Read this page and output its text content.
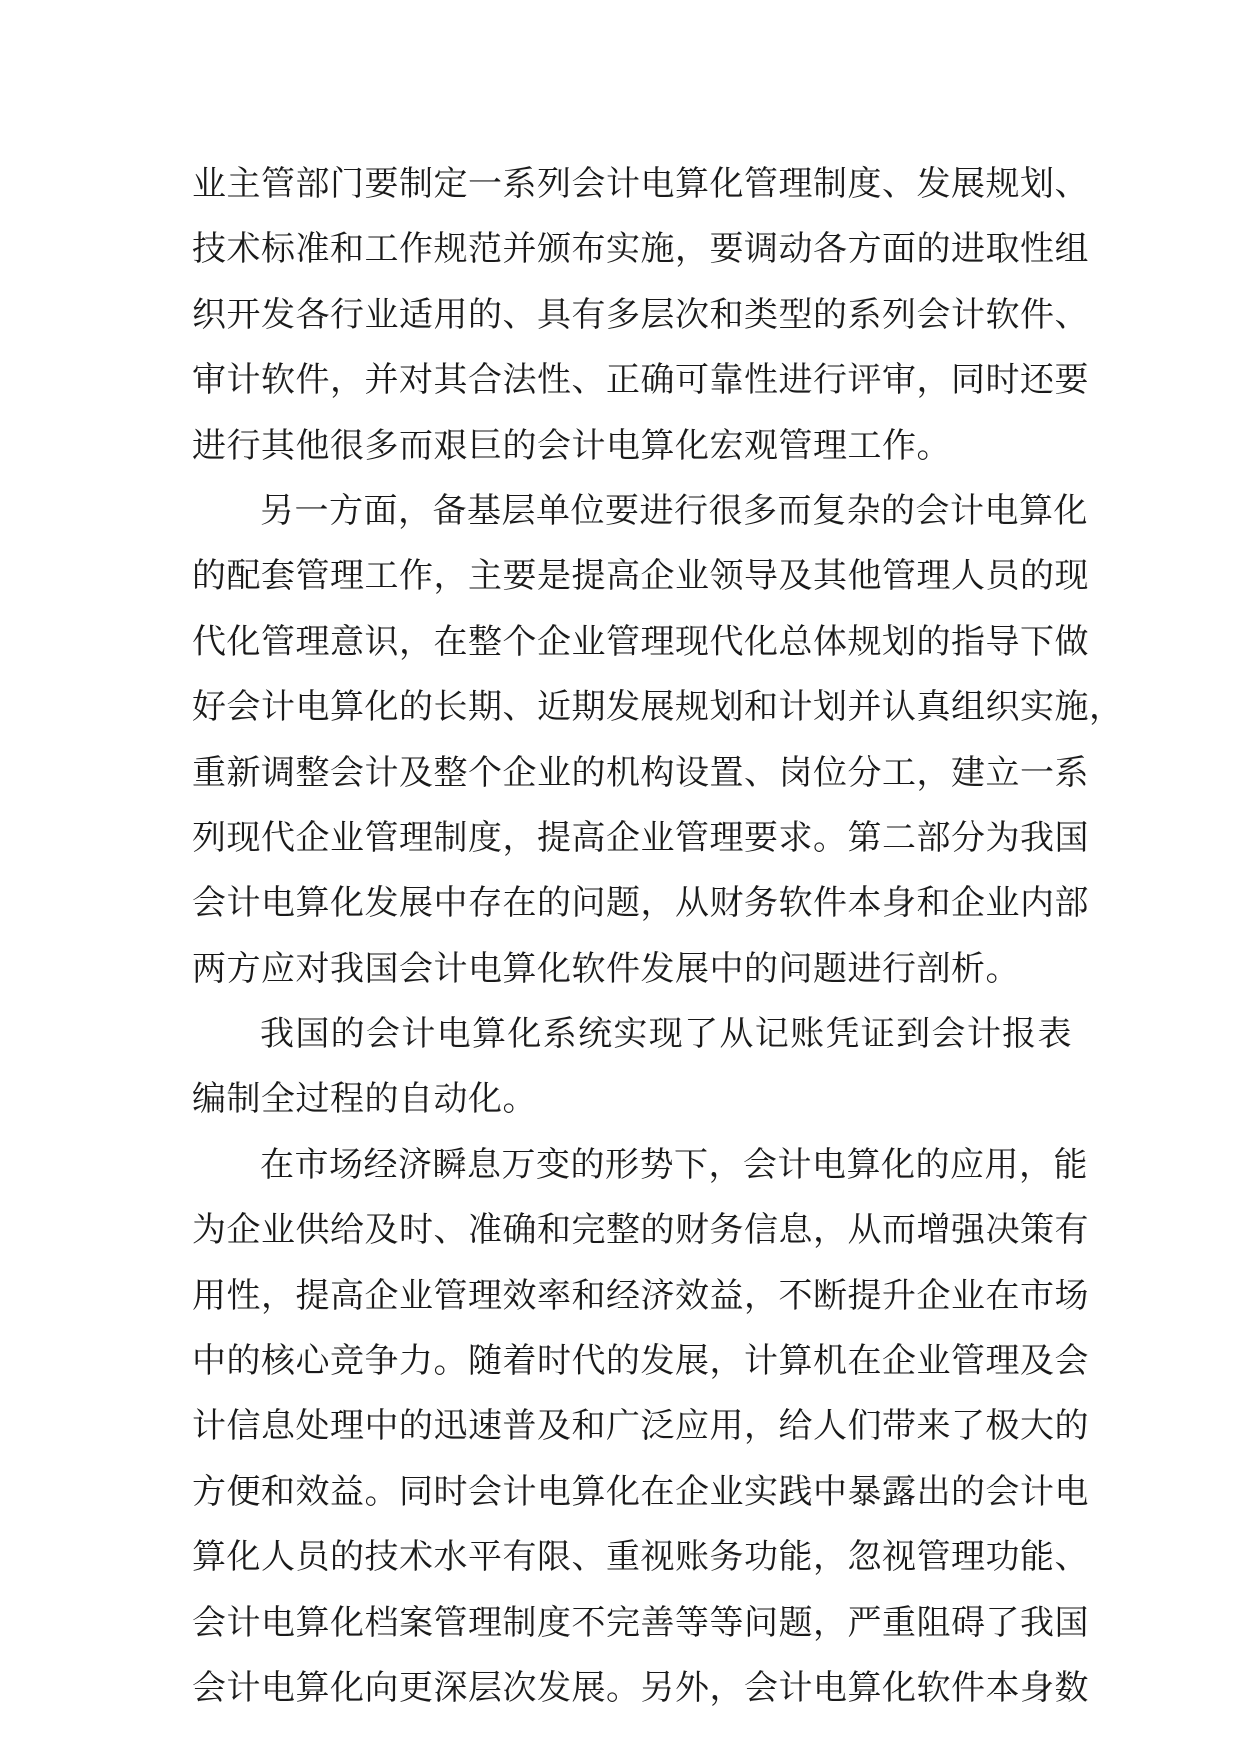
业主管部门要制定一系列会计电算化管理制度、发展规划、
技术标准和工作规范并颁布实施，要调动各方面的进取性组
织开发各行业适用的、具有多层次和类型的系列会计软件、
审计软件，并对其合法性、正确可靠性进行评审，同时还要
进行其他很多而艰巨的会计电算化宏观管理工作。
另一方面，备基层单位要进行很多而复杂的会计电算化
的配套管理工作，主要是提高企业领导及其他管理人员的现
代化管理意识，在整个企业管理现代化总体规划的指导下做
好会计电算化的长期、近期发展规划和计划并认真组织实施，
重新调整会计及整个企业的机构设置、岗位分工，建立一系
列现代企业管理制度，提高企业管理要求。第二部分为我国
会计电算化发展中存在的问题，从财务软件本身和企业内部
两方应对我国会计电算化软件发展中的问题进行剖析。
我国的会计电算化系统实现了从记账凭证到会计报表
编制全过程的自动化。
在市场经济瞬息万变的形势下，会计电算化的应用，能
为企业供给及时、准确和完整的财务信息，从而增强决策有
用性，提高企业管理效率和经济效益，不断提升企业在市场
中的核心竞争力。随着时代的发展，计算机在企业管理及会
计信息处理中的迅速普及和广泛应用，给人们带来了极大的
方便和效益。同时会计电算化在企业实践中暴露出的会计电
算化人员的技术水平有限、重视账务功能，忽视管理功能、
会计电算化档案管理制度不完善等等问题，严重阻碍了我国
会计电算化向更深层次发展。另外，会计电算化软件本身数
